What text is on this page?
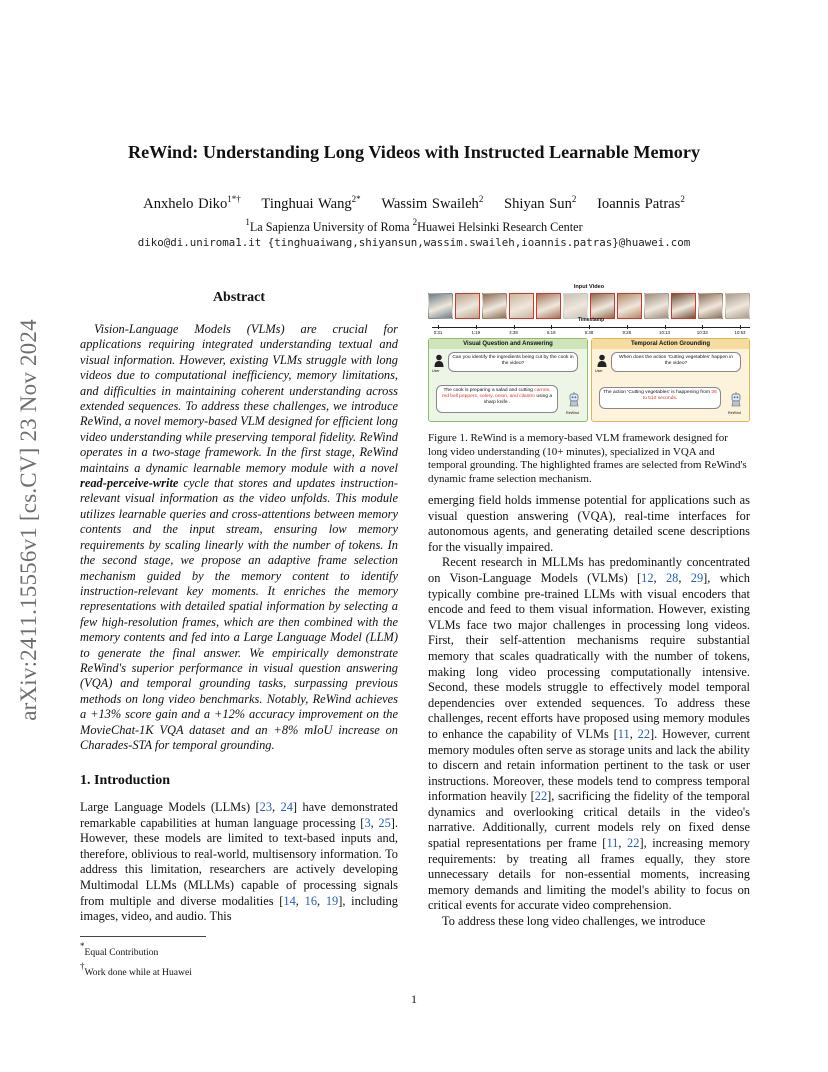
arXiv:2411.15556v1 [cs.CV] 23 Nov 2024
ReWind: Understanding Long Videos with Instructed Learnable Memory
Anxhelo Diko$^{1*\dagger}$ Tinghuai Wang$^{2*}$ Wassim Swaileh$^2$ Shiyan Sun$^2$ Ioannis Patras$^2$
$^1$La Sapienza University of Roma $^2$Huawei Helsinki Research Center
diko@di.uniroma1.it {tinghuaiwang,shiyansun,wassim.swaileh,ioannis.patras}@huawei.com
Abstract

Vision-Language Models (VLMs) are crucial for applications requiring integrated understanding textual and visual information. However, existing VLMs struggle with long videos due to computational inefficiency, memory limitations, and difficulties in maintaining coherent understanding across extended sequences. To address these challenges, we introduce ReWind, a novel memory-based VLM designed for efficient long video understanding while preserving temporal fidelity. ReWind operates in a two-stage framework. In the first stage, ReWind maintains a dynamic learnable memory module with a novel read-perceive-write cycle that stores and updates instruction-relevant visual information as the video unfolds. This module utilizes learnable queries and cross-attentions between memory contents and the input stream, ensuring low memory requirements by scaling linearly with the number of tokens. In the second stage, we propose an adaptive frame selection mechanism guided by the memory content to identify instruction-relevant key moments. It enriches the memory representations with detailed spatial information by selecting a few high-resolution frames, which are then combined with the memory contents and fed into a Large Language Model (LLM) to generate the final answer. We empirically demonstrate ReWind's superior performance in visual question answering (VQA) and temporal grounding tasks, surpassing previous methods on long video benchmarks. Notably, ReWind achieves a +13% score gain and a +12% accuracy improvement on the MovieChat-1K VQA dataset and an +8% mIoU increase on Charades-STA for temporal grounding.

1. Introduction

Large Language Models (LLMs) [23, 24] have demonstrated remarkable capabilities at human language processing [3, 25]. However, these models are limited to text-based inputs and, therefore, oblivious to real-world, multisensory information. To address this limitation, researchers are actively developing Multimodal LLMs (MLLMs) capable of processing signals from multiple and diverse modalities [14, 16, 19], including images, video, and audio. This

*Equal Contribution
†Work done while at Huawei
1
Input Video
Timestamp
0:31	1:19	4:38	6:19	6:38	9:28	10:13	10:33	10:53
Visual Question and Answering
User
Can you identify the ingredients being cut by the cook in the video?
The cook is preparing a salad and cutting carrots, red bell peppers, celery, onion, and cilantro using a sharp knife .
ReWind
Temporal Action Grounding
User
When does the action 'Cutting vegetables' happen in the video?
The action 'Cutting vegetables' is happening from 36 to 510 seconds.
ReWind

Figure 1. ReWind is a memory-based VLM framework designed for long video understanding (10+ minutes), specialized in VQA and temporal grounding. The highlighted frames are selected from ReWind's dynamic frame selection mechanism.

emerging field holds immense potential for applications such as visual question answering (VQA), real-time interfaces for autonomous agents, and generating detailed scene descriptions for the visually impaired.

Recent research in MLLMs has predominantly concentrated on Vison-Language Models (VLMs) [12, 28, 29], which typically combine pre-trained LLMs with visual encoders that encode and feed to them visual information. However, existing VLMs face two major challenges in processing long videos. First, their self-attention mechanisms require substantial memory that scales quadratically with the number of tokens, making long video processing computationally intensive. Second, these models struggle to effectively model temporal dependencies over extended sequences. To address these challenges, recent efforts have proposed using memory modules to enhance the capability of VLMs [11, 22]. However, current memory modules often serve as storage units and lack the ability to discern and retain information pertinent to the task or user instructions. Moreover, these models tend to compress temporal information heavily [22], sacrificing the fidelity of the temporal dynamics and overlooking critical details in the video's narrative. Additionally, current models rely on fixed dense spatial representations per frame [11, 22], increasing memory requirements: by treating all frames equally, they store unnecessary details for non-essential moments, increasing memory demands and limiting the model's ability to focus on critical events for accurate video comprehension.

To address these long video challenges, we introduce
